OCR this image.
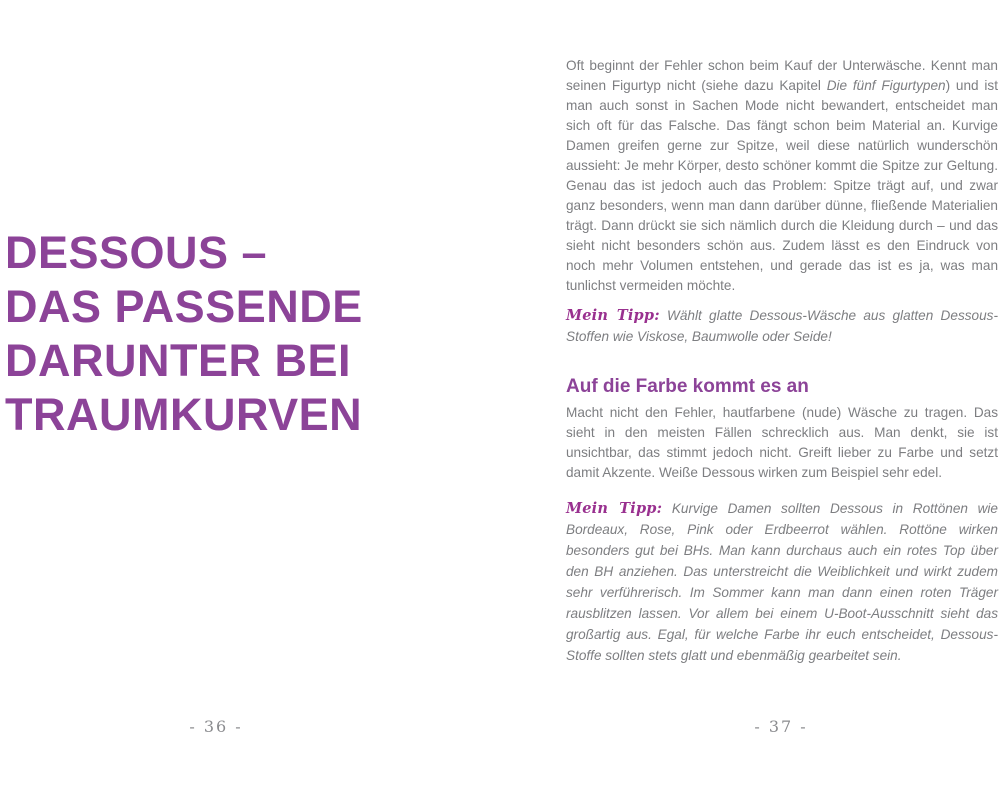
DESSOUS –
DAS PASSENDE
DARUNTER BEI
TRAUMKURVEN
- 36 -

Oft beginnt der Fehler schon beim Kauf der Unterwäsche. Kennt man seinen Figurtyp nicht (siehe dazu Kapitel Die fünf Figurtypen) und ist man auch sonst in Sachen Mode nicht bewandert, entscheidet man sich oft für das Falsche. Das fängt schon beim Material an. Kurvige Damen greifen gerne zur Spitze, weil diese natürlich wunderschön aussieht: Je mehr Körper, desto schöner kommt die Spitze zur Geltung. Genau das ist jedoch auch das Problem: Spitze trägt auf, und zwar ganz besonders, wenn man dann darüber dünne, fließende Materialien trägt. Dann drückt sie sich nämlich durch die Kleidung durch – und das sieht nicht besonders schön aus. Zudem lässt es den Eindruck von noch mehr Volumen entstehen, und gerade das ist es ja, was man tunlichst vermeiden möchte.

Mein Tipp: Wählt glatte Dessous-Wäsche aus glatten Dessous-Stoffen wie Viskose, Baumwolle oder Seide!

Auf die Farbe kommt es an

Macht nicht den Fehler, hautfarbene (nude) Wäsche zu tragen. Das sieht in den meisten Fällen schrecklich aus. Man denkt, sie ist unsichtbar, das stimmt jedoch nicht. Greift lieber zu Farbe und setzt damit Akzente. Weiße Dessous wirken zum Beispiel sehr edel.

Mein Tipp: Kurvige Damen sollten Dessous in Rottönen wie Bordeaux, Rose, Pink oder Erdbeerrot wählen. Rottöne wirken besonders gut bei BHs. Man kann durchaus auch ein rotes Top über den BH anziehen. Das unterstreicht die Weiblichkeit und wirkt zudem sehr verführerisch. Im Sommer kann man dann einen roten Träger rausblitzen lassen. Vor allem bei einem U-Boot-Ausschnitt sieht das großartig aus. Egal, für welche Farbe ihr euch entscheidet, Dessous-Stoffe sollten stets glatt und ebenmäßig gearbeitet sein.

- 37 -
